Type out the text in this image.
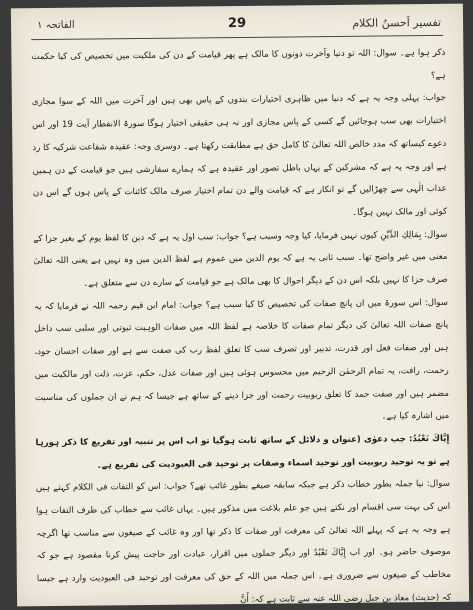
تفسیر اَحسنُ الکلام
29
الفاتحہ ۱

ذکر ہوا ہے۔ سوال: اللہ تو دنیا وآخرت دونوں کا مالک ہے پھر قیامت کے دن کی ملکیت میں تخصیص کی کیا حکمت ہے؟

جواب: پہلی وجہ یہ ہے کہ دنیا میں ظاہری اختیارات بندوں کے پاس بھی ہیں اور آخرت میں اللہ کے سوا مجازی اختیارات بھی سب ہوجائیں گے کسی کے پاس مجازی اور نہ ہی حقیقی اختیار ہوگا سورۃ الانفطار آیت 19 اور اس دعوے کیساتھ کہ مدد خالص اللہ تعالیٰ کا کامل حق ہے مطابقت رکھتا ہے۔ دوسری وجہ: عقیدہ شفاعت شرکیہ کا رد ہے اور وجہ یہ ہے کہ مشرکین کے یہاں باطل تصور اور عقیدہ ہے کہ ہمارے سفارشی ہیں جو قیامت کے دن ہمیں عذاب الٰہی سے چھڑالیں گے تو انکار ہے کہ قیامت والے دن تمام اختیار صرف مالک کائنات کے پاس ہوں گے اس دن کوئی اور مالک نہیں ہوگا۔

سوال: بِمَالِكِ الدِّيْنِ کیوں نہیں فرمایا، کیا وجہ وسبب ہے؟ جواب: سب اول یہ ہے کہ دین کا لفظ یوم کے بغیر جزا کے معنی میں غیر واضح تھا۔ سبب ثانی یہ ہے کہ یوم الدین میں عموم ہے لفظ الدین میں وہ نہیں ہے یعنی اللہ تعالیٰ صرف جزا کا نہیں بلکہ اس دن کے دیگر احوال کا بھی مالک ہے جو قیامت کے سارے دن سے متعلق ہے۔

سوال: اس سورۃ میں ان پانچ صفات کی تخصیص کا کیا سبب ہے؟ جواب: امام ابن قیم رحمہ اللہ نے فرمایا کہ یہ پانچ صفات اللہ تعالیٰ کی دیگر تمام صفات کا خلاصہ ہے لفظ اللہ میں صفات الوہیت ثبوتی اور سلبی سب داخل ہیں اور صفات فعل اور قدرت، تدبیر اور تصرف سب کا تعلق لفظ رب کی صفت سے ہے اور صفات احسان جود، رحمت، رافت، یہ تمام الرحمٰن الرحیم میں محسوس ہوئی ہیں اور صفات عدل، حکم، عزت، ذلت اور مالکیت میں مضمر ہیں اور صفت حمد کا تعلق ربوبیت رحمت اور جزا دینے کے ساتھ ہے جیسا کہ ہم نے ان جملوں کی مناسبت میں اشارہ کیا ہے۔

إِيَّاكَ نَعْبُدُ: جب دعوٰی (عنوان و دلائل کے ساتھ ثابت ہوگیا تو اب اس پر تنبیہ اور تفریع کا ذکر ہورہا ہے تو یہ توحید ربوبیت اور توحید اسماء وصفات پر توحید فی العبودیت کی تفریع ہے۔

سوال: نیا جملہ بطور خطاب ذکر ہے جبکہ سابقہ صیغے بطور غائب تھے؟ جواب: اس کو التفات فی الکلام کہتے ہیں اس کی بہت سی اقسام اور نکتے ہیں جو علم بلاغت میں مذکور ہیں۔ یہاں غائب سے خطاب کی طرف التفات ہوا ہے وجہ یہ ہے کہ پہلے اللہ تعالیٰ کی معرفت اور صفات کا ذکر تھا اور وہ غائب کے صیغوں سے مناسب تھا اگرچہ موصوف حاضر ہو۔ اور اب إِيَّاكَ نَعْبُدُ اور دیگر جملوں میں اقرار، عبادت اور حاجت پیش کرنا مقصود ہے جو کہ مخاطب کے صیغوں سے ضروری ہے۔ اس جملہ میں اللہ کے حق کی معرفت اور توحید فی العبودیت وارد ہے جیسا کہ (حدیث) معاذ بن جبل رضی اللہ عنہ سے ثابت ہے کہ: أَنَّ
